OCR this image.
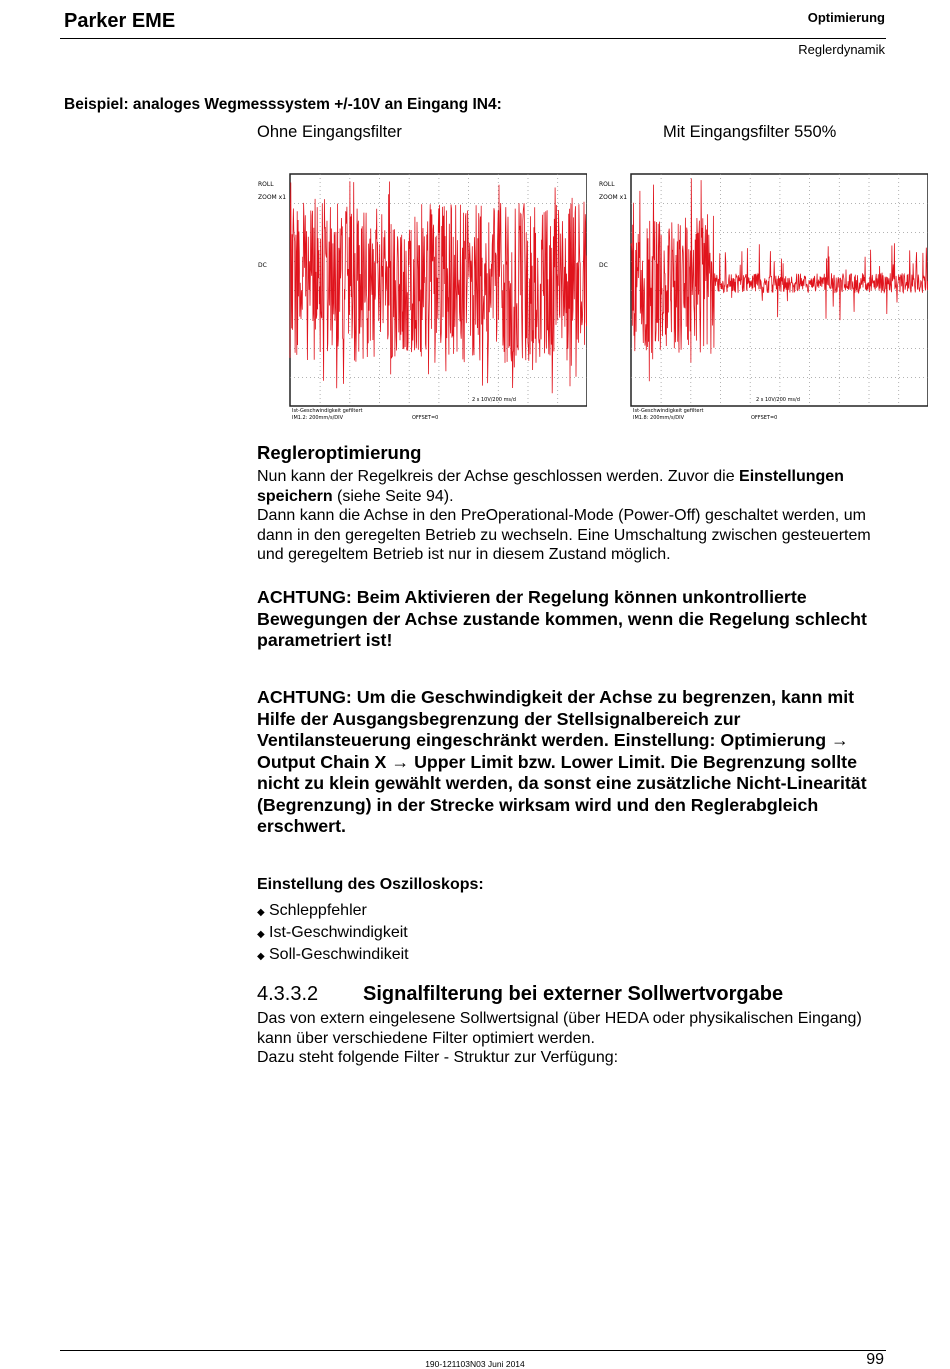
Parker EME	Optimierung
Reglerdynamik
Beispiel: analoges Wegmesssystem +/-10V an Eingang IN4:
Ohne Eingangsfilter	Mit Eingangsfilter 550%
ROLL
ZOOM x1
DC
2 s 10V/200 ms/d
Ist-Geschwindigkeit gefiltert
IM1.2: 200mm/s/DIV	OFFSET=0
ROLL
ZOOM x1
DC
2 s 10V/200 ms/d
Ist-Geschwindigkeit gefiltert
IM1.8: 200mm/s/DIV	OFFSET=0
Regleroptimierung

Nun kann der Regelkreis der Achse geschlossen werden. Zuvor die Einstellungen speichern (siehe Seite 94).

Dann kann die Achse in den PreOperational-Mode (Power-Off) geschaltet werden, um dann in den geregelten Betrieb zu wechseln. Eine Umschaltung zwischen gesteuertem und geregeltem Betrieb ist nur in diesem Zustand möglich.

ACHTUNG: Beim Aktivieren der Regelung können unkontrollierte Bewegungen der Achse zustande kommen, wenn die Regelung schlecht parametriert ist!

ACHTUNG: Um die Geschwindigkeit der Achse zu begrenzen, kann mit Hilfe der Ausgangsbegrenzung der Stellsignalbereich zur Ventilansteuerung eingeschränkt werden. Einstellung: Optimierung → Output Chain X → Upper Limit bzw. Lower Limit. Die Begrenzung sollte nicht zu klein gewählt werden, da sonst eine zusätzliche Nicht-Linearität (Begrenzung) in der Strecke wirksam wird und den Reglerabgleich erschwert.

Einstellung des Oszilloskops:
◆ Schleppfehler
◆ Ist-Geschwindigkeit
◆ Soll-Geschwindikeit
4.3.3.2	Signalfilterung bei externer Sollwertvorgabe

Das von extern eingelesene Sollwertsignal (über HEDA oder physikalischen Eingang) kann über verschiedene Filter optimiert werden.

Dazu steht folgende Filter - Struktur zur Verfügung:

190-121103N03 Juni 2014	99
